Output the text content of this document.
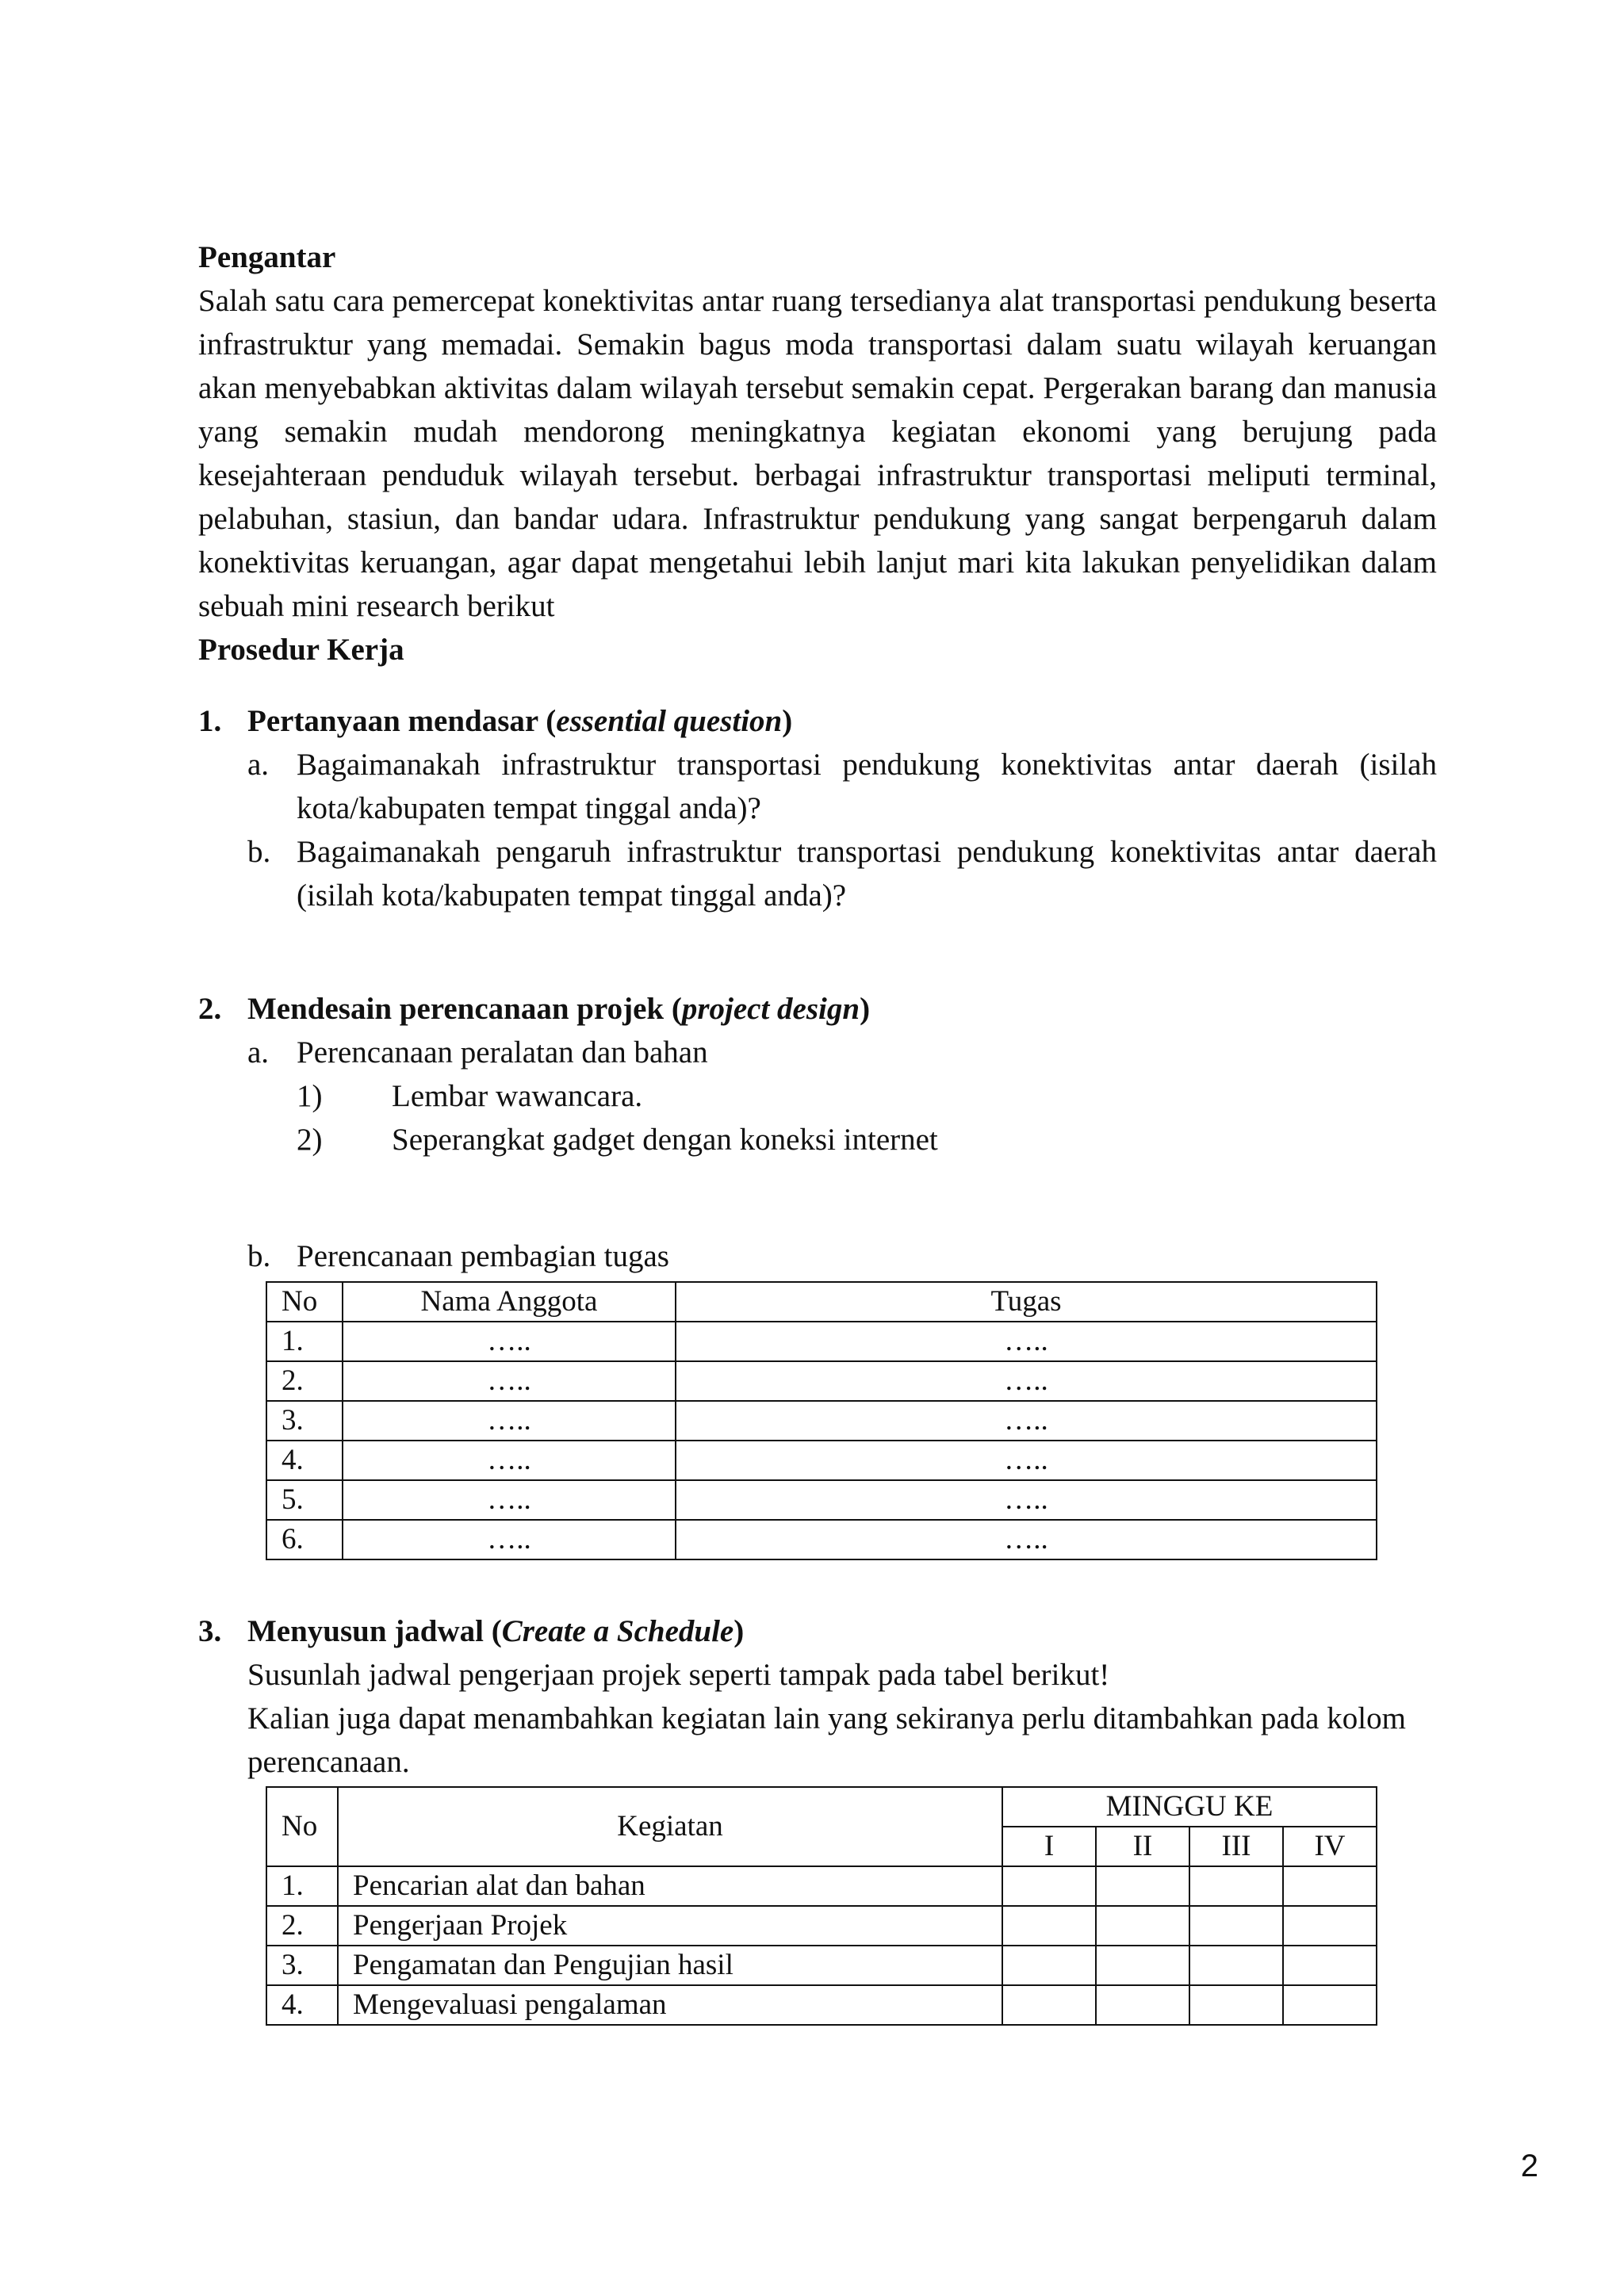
Pengantar
Salah satu cara pemercepat konektivitas antar ruang tersedianya alat transportasi pendukung beserta infrastruktur yang memadai. Semakin bagus moda transportasi dalam suatu wilayah keruangan akan menyebabkan aktivitas dalam wilayah tersebut semakin cepat. Pergerakan barang dan manusia yang semakin mudah mendorong meningkatnya kegiatan ekonomi yang berujung pada kesejahteraan penduduk wilayah tersebut. berbagai infrastruktur transportasi meliputi terminal, pelabuhan, stasiun, dan bandar udara. Infrastruktur pendukung yang sangat berpengaruh dalam konektivitas keruangan, agar dapat mengetahui lebih lanjut mari kita lakukan penyelidikan dalam sebuah mini research berikut
Prosedur Kerja
1. Pertanyaan mendasar (essential question)
a. Bagaimanakah infrastruktur transportasi pendukung konektivitas antar daerah (isilah kota/kabupaten tempat tinggal anda)?
b. Bagaimanakah pengaruh infrastruktur transportasi pendukung konektivitas antar daerah (isilah kota/kabupaten tempat tinggal anda)?
2. Mendesain perencanaan projek (project design)
a. Perencanaan peralatan dan bahan
1) Lembar wawancara.
2) Seperangkat gadget dengan koneksi internet
b. Perencanaan pembagian tugas
No	Nama Anggota	Tugas
1.	…..	…..
2.	…..	…..
3.	…..	…..
4.	…..	…..
5.	…..	…..
6.	…..	…..
3. Menyusun jadwal (Create a Schedule)
Susunlah jadwal pengerjaan projek seperti tampak pada tabel berikut!
Kalian juga dapat menambahkan kegiatan lain yang sekiranya perlu ditambahkan pada kolom perencanaan.
No	Kegiatan	MINGGU KE			
		I	II	III	IV
1.	Pencarian alat dan bahan				
2.	Pengerjaan Projek				
3.	Pengamatan dan Pengujian hasil				
4.	Mengevaluasi pengalaman				
2
